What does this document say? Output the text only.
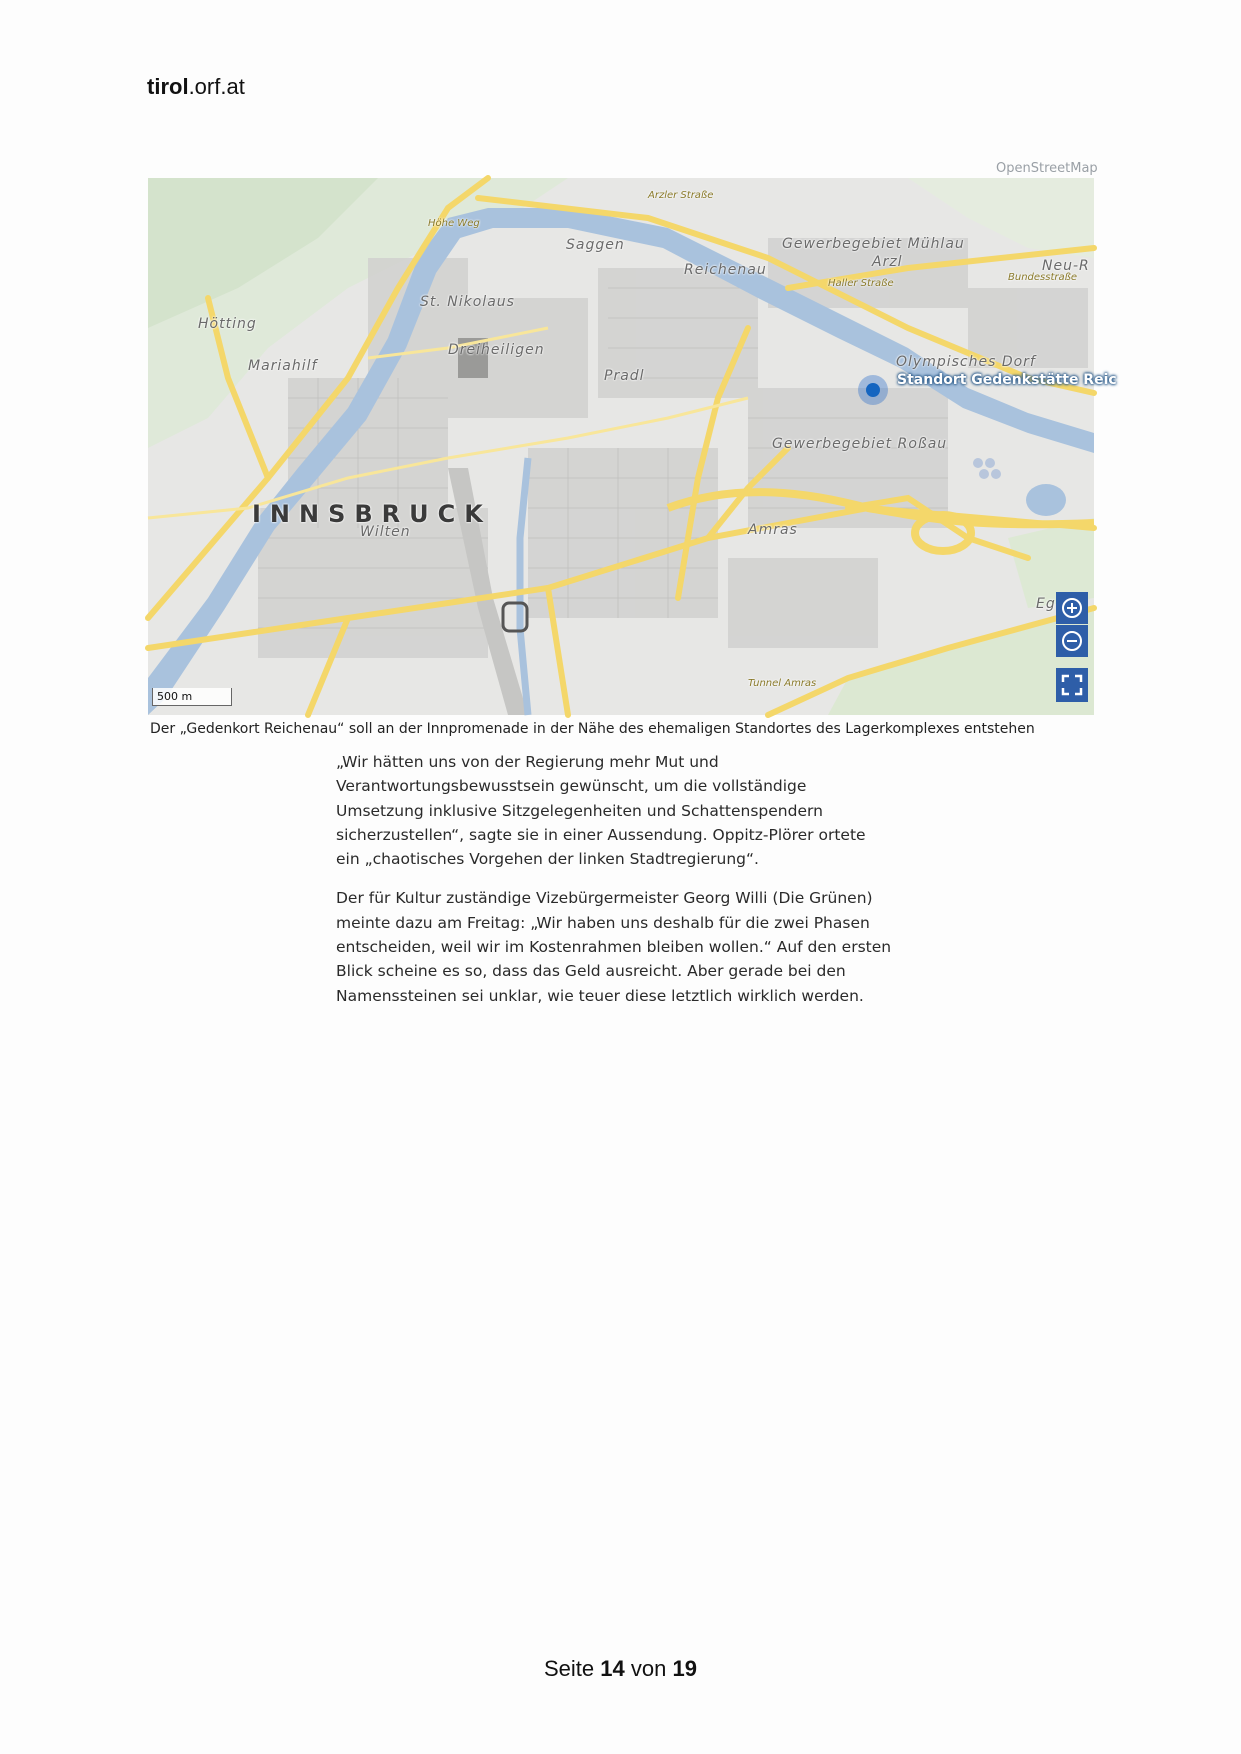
tirol.orf.at
OpenStreetMap
Saggen
St. Nikolaus
Hötting
Mariahilf
Dreiheiligen
Pradl
Reichenau
Wilten	Amras
Gewerbegebiet Mühlau
Arzl	Neu-R
Olympisches Dorf
Gewerbegebiet Roßau
Eg
Haller Straße
Arzler Straße
Höhe Weg
Tunnel Amras
Bundesstraße
INNSBRUCK
Standort Gedenkstätte Reic
500 m
Der „Gedenkort Reichenau“ soll an der Innpromenade in der Nähe des ehemaligen Standortes des Lagerkomplexes entstehen

„Wir hätten uns von der Regierung mehr Mut und
Verantwortungsbewusstsein gewünscht, um die vollständige
Umsetzung inklusive Sitzgelegenheiten und Schattenspendern
sicherzustellen“, sagte sie in einer Aussendung. Oppitz-Plörer ortete
ein „chaotisches Vorgehen der linken Stadtregierung“.

Der für Kultur zuständige Vizebürgermeister Georg Willi (Die Grünen)
meinte dazu am Freitag: „Wir haben uns deshalb für die zwei Phasen
entscheiden, weil wir im Kostenrahmen bleiben wollen.“ Auf den ersten
Blick scheine es so, dass das Geld ausreicht. Aber gerade bei den
Namenssteinen sei unklar, wie teuer diese letztlich wirklich werden.

Seite 14 von 19
